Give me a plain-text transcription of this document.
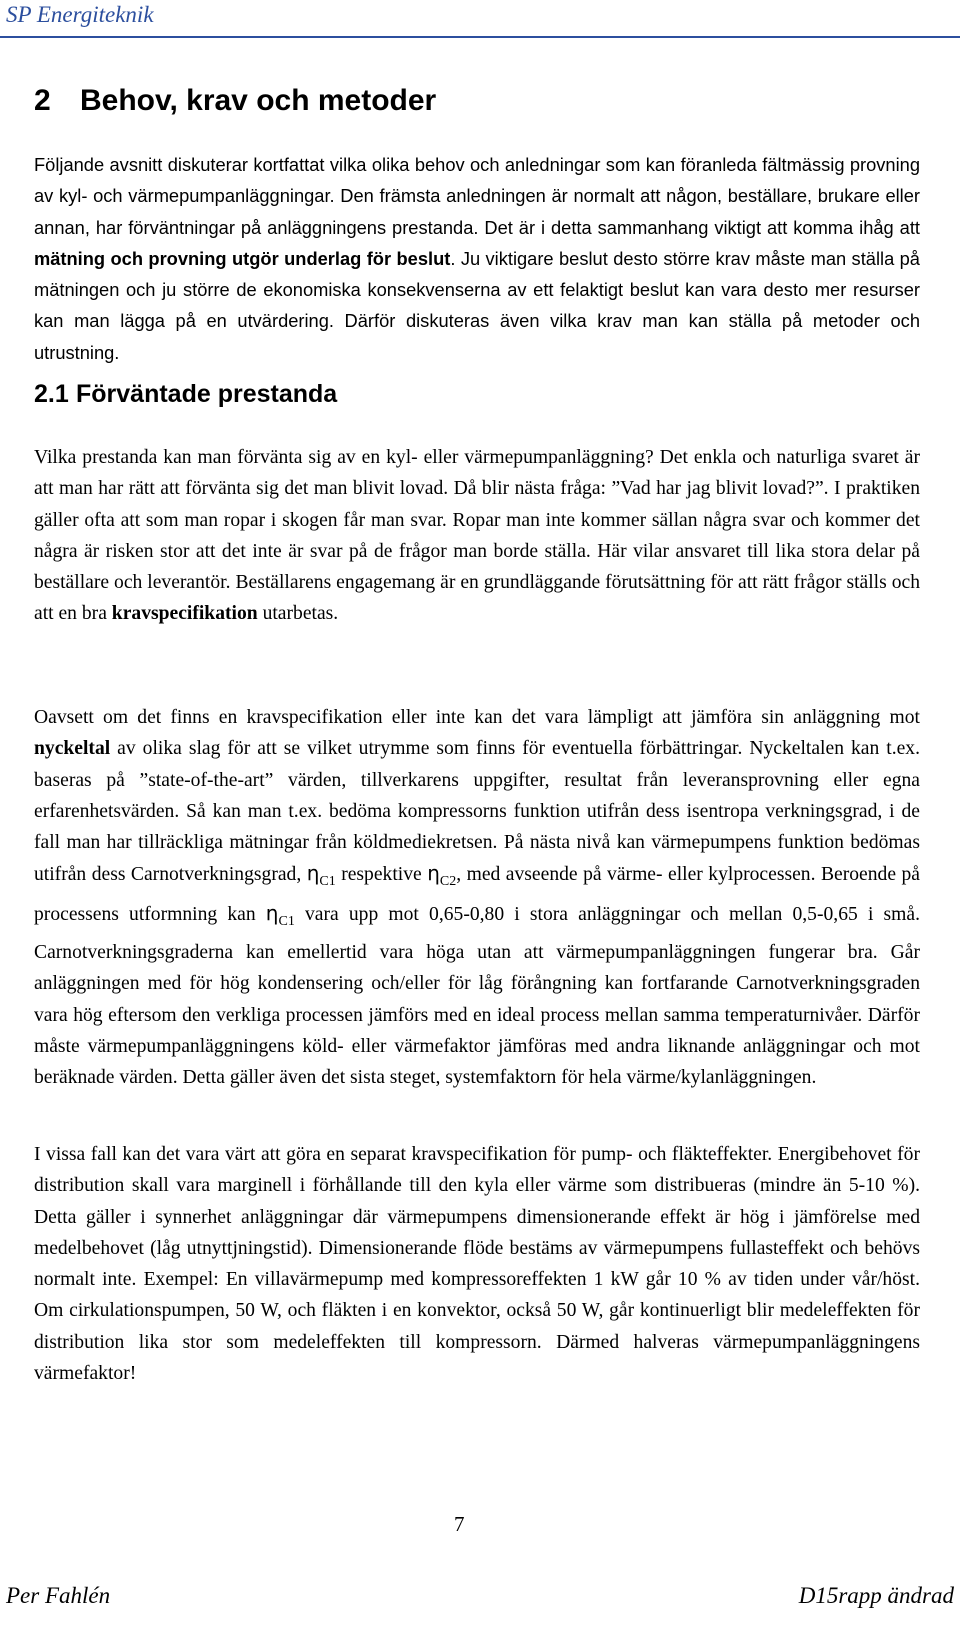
SP Energiteknik
2 Behov, krav och metoder

Följande avsnitt diskuterar kortfattat vilka olika behov och anledningar som kan föranleda fältmässig provning av kyl- och värmepumpanläggningar. Den främsta anledningen är normalt att någon, beställare, brukare eller annan, har förväntningar på anläggningens prestanda. Det är i detta sammanhang viktigt att komma ihåg att mätning och provning utgör underlag för beslut. Ju viktigare beslut desto större krav måste man ställa på mätningen och ju större de ekonomiska konsekvenserna av ett felaktigt beslut kan vara desto mer resurser kan man lägga på en utvärdering. Därför diskuteras även vilka krav man kan ställa på metoder och utrustning.

2.1 Förväntade prestanda

Vilka prestanda kan man förvänta sig av en kyl- eller värmepumpanläggning? Det enkla och naturliga svaret är att man har rätt att förvänta sig det man blivit lovad. Då blir nästa fråga: ”Vad har jag blivit lovad?”. I praktiken gäller ofta att som man ropar i skogen får man svar. Ropar man inte kommer sällan några svar och kommer det några är risken stor att det inte är svar på de frågor man borde ställa. Här vilar ansvaret till lika stora delar på beställare och leverantör. Beställarens engagemang är en grundläggande förutsättning för att rätt frågor ställs och att en bra kravspecifikation utarbetas.

Oavsett om det finns en kravspecifikation eller inte kan det vara lämpligt att jämföra sin anläggning mot nyckeltal av olika slag för att se vilket utrymme som finns för eventuella förbättringar. Nyckeltalen kan t.ex. baseras på ”state-of-the-art” värden, tillverkarens uppgifter, resultat från leveransprovning eller egna erfarenhetsvärden. Så kan man t.ex. bedöma kompressorns funktion utifrån dess isentropa verkningsgrad, i de fall man har tillräckliga mätningar från köldmediekretsen. På nästa nivå kan värmepumpens funktion bedömas utifrån dess Carnotverkningsgrad, $\eta_{C1}$ respektive $\eta_{C2}$, med avseende på värme- eller kylprocessen. Beroende på processens utformning kan $\eta_{C1}$ vara upp mot 0,65-0,80 i stora anläggningar och mellan 0,5-0,65 i små. Carnotverkningsgraderna kan emellertid vara höga utan att värmepumpanläggningen fungerar bra. Går anläggningen med för hög kondensering och/eller för låg förångning kan fortfarande Carnotverkningsgraden vara hög eftersom den verkliga processen jämförs med en ideal process mellan samma temperaturnivåer. Därför måste värmepumpanläggningens köld- eller värmefaktor jämföras med andra liknande anläggningar och mot beräknade värden. Detta gäller även det sista steget, systemfaktorn för hela värme/kylanläggningen.

I vissa fall kan det vara värt att göra en separat kravspecifikation för pump- och fläkteffekter. Energibehovet för distribution skall vara marginell i förhållande till den kyla eller värme som distribueras (mindre än 5-10 %). Detta gäller i synnerhet anläggningar där värmepumpens dimensionerande effekt är hög i jämförelse med medelbehovet (låg utnyttjningstid). Dimensionerande flöde bestäms av värmepumpens fullasteffekt och behövs normalt inte. Exempel: En villavärmepump med kompressoreffekten 1 kW går 10 % av tiden under vår/höst. Om cirkulationspumpen, 50 W, och fläkten i en konvektor, också 50 W, går kontinuerligt blir medeleffekten för distribution lika stor som medeleffekten till kompressorn. Därmed halveras värmepumpanläggningens värmefaktor!

7
Per Fahlén	D15rapp ändrad
